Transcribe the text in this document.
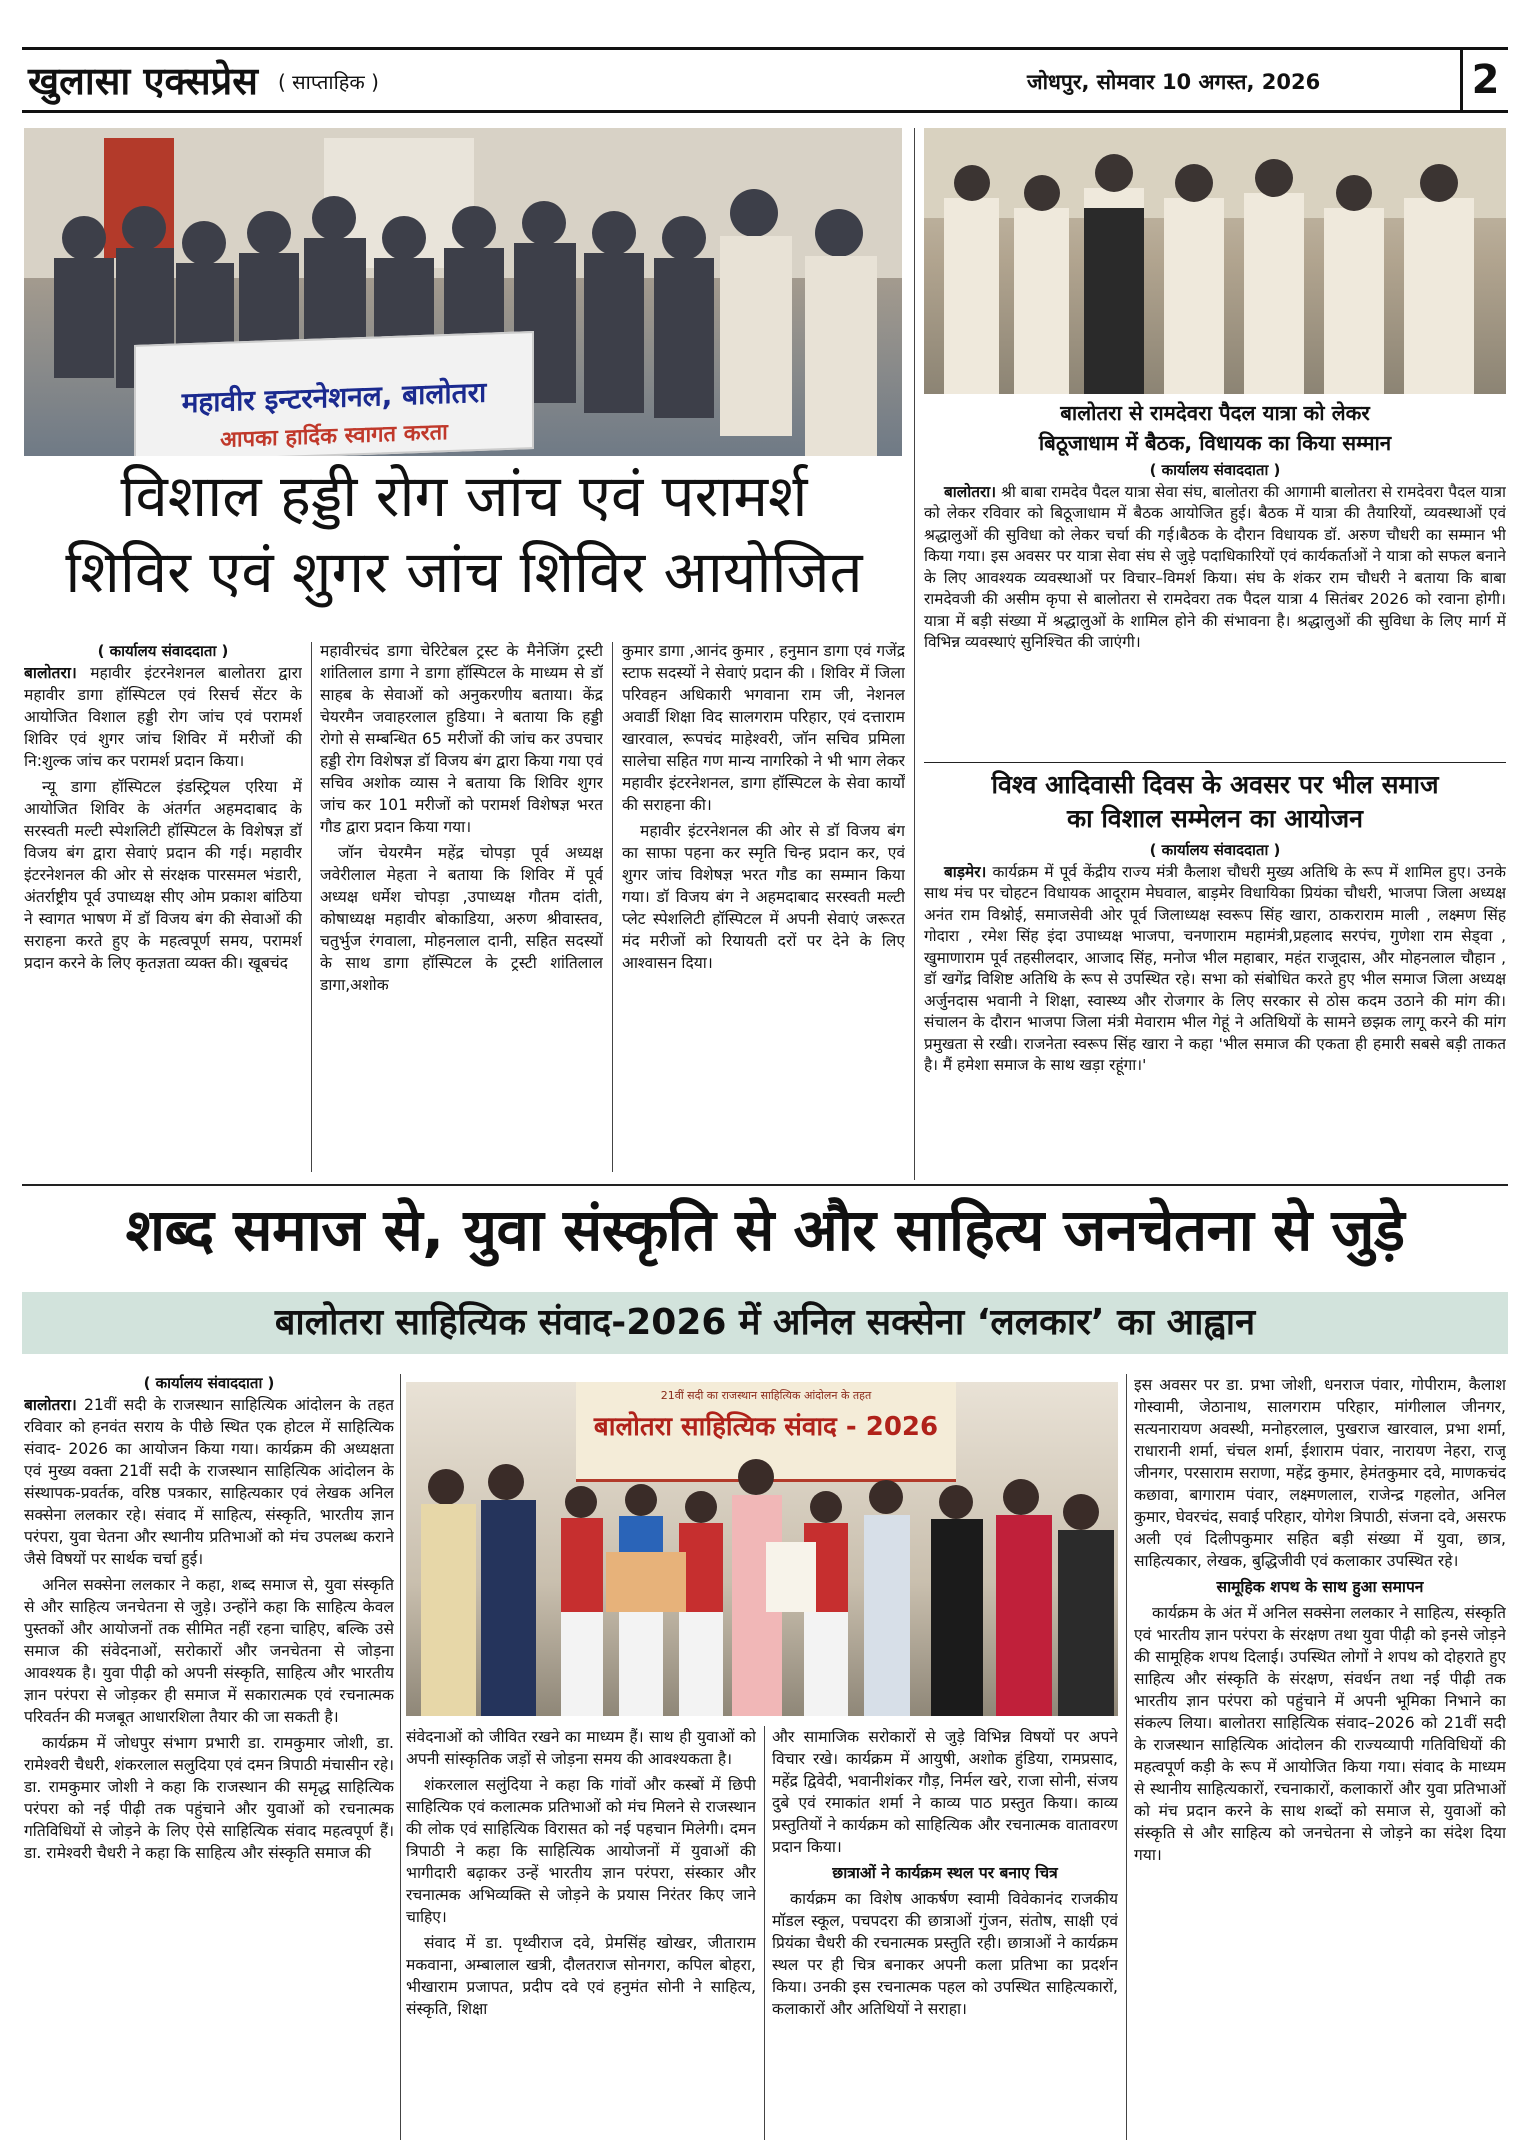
खुलासा एक्सप्रेस ( साप्ताहिक )	जोधपुर, सोमवार 10 अगस्त, 2026	2
महावीर इन्टरनेशनल, बालोतरा
आपका हार्दिक स्वागत करता
विशाल हड्डी रोग जांच एवं परामर्श
शिविर एवं शुगर जांच शिविर आयोजित
( कार्यालय संवाददाता )

बालोतरा। महावीर इंटरनेशनल बालोतरा द्वारा महावीर डागा हॉस्पिटल एवं रिसर्च सेंटर के आयोजित विशाल हड्डी रोग जांच एवं परामर्श शिविर एवं शुगर जांच शिविर में मरीजों की नि:शुल्क जांच कर परामर्श प्रदान किया।

न्यू डागा हॉस्पिटल इंडस्ट्रियल एरिया में आयोजित शिविर के अंतर्गत अहमदाबाद के सरस्वती मल्टी स्पेशलिटी हॉस्पिटल के विशेषज्ञ डॉ विजय बंग द्वारा सेवाएं प्रदान की गई। महावीर इंटरनेशनल की ओर से संरक्षक पारसमल भंडारी, अंतर्राष्ट्रीय पूर्व उपाध्यक्ष सीए ओम प्रकाश बांठिया ने स्वागत भाषण में डॉ विजय बंग की सेवाओं की सराहना करते हुए के महत्वपूर्ण समय, परामर्श प्रदान करने के लिए कृतज्ञता व्यक्त की। खूबचंद

महावीरचंद डागा चेरिटेबल ट्रस्ट के मैनेजिंग ट्रस्टी शांतिलाल डागा ने डागा हॉस्पिटल के माध्यम से डॉ साहब के सेवाओं को अनुकरणीय बताया। केंद्र चेयरमैन जवाहरलाल हुडिया। ने बताया कि हड्डी रोगो से सम्बन्धित 65 मरीजों की जांच कर उपचार हड्डी रोग विशेषज्ञ डॉ विजय बंग द्वारा किया गया एवं सचिव अशोक व्यास ने बताया कि शिविर शुगर जांच कर 101 मरीजों को परामर्श विशेषज्ञ भरत गौड द्वारा प्रदान किया गया।

जॉन चेयरमैन महेंद्र चोपड़ा पूर्व अध्यक्ष जवेरीलाल मेहता ने बताया कि शिविर में पूर्व अध्यक्ष धर्मेश चोपड़ा ,उपाध्यक्ष गौतम दांती, कोषाध्यक्ष महावीर बोकाडिया, अरुण श्रीवास्तव, चतुर्भुज रंगवाला, मोहनलाल दानी, सहित सदस्यों के साथ डागा हॉस्पिटल के ट्रस्टी शांतिलाल डागा,अशोक

कुमार डागा ,आनंद कुमार , हनुमान डागा एवं गजेंद्र स्टाफ सदस्यों ने सेवाएं प्रदान की । शिविर में जिला परिवहन अधिकारी भगवाना राम जी, नेशनल अवार्डी शिक्षा विद सालगराम परिहार, एवं दत्ताराम खारवाल, रूपचंद माहेश्वरी, जॉन सचिव प्रमिला सालेचा सहित गण मान्य नागरिको ने भी भाग लेकर महावीर इंटरनेशनल, डागा हॉस्पिटल के सेवा कार्यों की सराहना की।

महावीर इंटरनेशनल की ओर से डॉ विजय बंग का साफा पहना कर स्मृति चिन्ह प्रदान कर, एवं शुगर जांच विशेषज्ञ भरत गौड का सम्मान किया गया। डॉ विजय बंग ने अहमदाबाद सरस्वती मल्टी प्लेट स्पेशलिटी हॉस्पिटल में अपनी सेवाएं जरूरत मंद मरीजों को रियायती दरों पर देने के लिए आश्वासन दिया।

बालोतरा से रामदेवरा पैदल यात्रा को लेकर
बिठूजाधाम में बैठक, विधायक का किया सम्मान
( कार्यालय संवाददाता )

बालोतरा। श्री बाबा रामदेव पैदल यात्रा सेवा संघ, बालोतरा की आगामी बालोतरा से रामदेवरा पैदल यात्रा को लेकर रविवार को बिठूजाधाम में बैठक आयोजित हुई। बैठक में यात्रा की तैयारियों, व्यवस्थाओं एवं श्रद्धालुओं की सुविधा को लेकर चर्चा की गई।बैठक के दौरान विधायक डॉ. अरुण चौधरी का सम्मान भी किया गया। इस अवसर पर यात्रा सेवा संघ से जुड़े पदाधिकारियों एवं कार्यकर्ताओं ने यात्रा को सफल बनाने के लिए आवश्यक व्यवस्थाओं पर विचार–विमर्श किया। संघ के शंकर राम चौधरी ने बताया कि बाबा रामदेवजी की असीम कृपा से बालोतरा से रामदेवरा तक पैदल यात्रा 4 सितंबर 2026 को रवाना होगी। यात्रा में बड़ी संख्या में श्रद्धालुओं के शामिल होने की संभावना है। श्रद्धालुओं की सुविधा के लिए मार्ग में विभिन्न व्यवस्थाएं सुनिश्चित की जाएंगी।

विश्व आदिवासी दिवस के अवसर पर भील समाज
का विशाल सम्मेलन का आयोजन
( कार्यालय संवाददाता )

बाड़मेर। कार्यक्रम में पूर्व केंद्रीय राज्य मंत्री कैलाश चौधरी मुख्य अतिथि के रूप में शामिल हुए। उनके साथ मंच पर चोहटन विधायक आदूराम मेघवाल, बाड़मेर विधायिका प्रियंका चौधरी, भाजपा जिला अध्यक्ष अनंत राम विश्नोई, समाजसेवी ओर पूर्व जिलाध्यक्ष स्वरूप सिंह खारा, ठाकराराम माली , लक्ष्मण सिंह गोदारा , रमेश सिंह इंदा उपाध्यक्ष भाजपा, चनणाराम महामंत्री,प्रहलाद सरपंच, गुणेशा राम सेड्वा , खुमाणाराम पूर्व तहसीलदार, आजाद सिंह, मनोज भील महाबार, महंत राजूदास, और मोहनलाल चौहान , डॉ खगेंद्र विशिष्ट अतिथि के रूप से उपस्थित रहे। सभा को संबोधित करते हुए भील समाज जिला अध्यक्ष अर्जुनदास भवानी ने शिक्षा, स्वास्थ्य और रोजगार के लिए सरकार से ठोस कदम उठाने की मांग की। संचालन के दौरान भाजपा जिला मंत्री मेवाराम भील गेहूं ने अतिथियों के सामने छझक लागू करने की मांग प्रमुखता से रखी। राजनेता स्वरूप सिंह खारा ने कहा 'भील समाज की एकता ही हमारी सबसे बड़ी ताकत है। मैं हमेशा समाज के साथ खड़ा रहूंगा।'

शब्द समाज से, युवा संस्कृति से और साहित्य जनचेतना से जुड़े
बालोतरा साहित्यिक संवाद-2026 में अनिल सक्सेना ‘ललकार’ का आह्वान
( कार्यालय संवाददाता )

बालोतरा। 21वीं सदी के राजस्थान साहित्यिक आंदोलन के तहत रविवार को हनवंत सराय के पीछे स्थित एक होटल में साहित्यिक संवाद- 2026 का आयोजन किया गया। कार्यक्रम की अध्यक्षता एवं मुख्य वक्ता 21वीं सदी के राजस्थान साहित्यिक आंदोलन के संस्थापक-प्रवर्तक, वरिष्ठ पत्रकार, साहित्यकार एवं लेखक अनिल सक्सेना ललकार रहे। संवाद में साहित्य, संस्कृति, भारतीय ज्ञान परंपरा, युवा चेतना और स्थानीय प्रतिभाओं को मंच उपलब्ध कराने जैसे विषयों पर सार्थक चर्चा हुई।

अनिल सक्सेना ललकार ने कहा, शब्द समाज से, युवा संस्कृति से और साहित्य जनचेतना से जुड़े। उन्होंने कहा कि साहित्य केवल पुस्तकों और आयोजनों तक सीमित नहीं रहना चाहिए, बल्कि उसे समाज की संवेदनाओं, सरोकारों और जनचेतना से जोड़ना आवश्यक है। युवा पीढ़ी को अपनी संस्कृति, साहित्य और भारतीय ज्ञान परंपरा से जोड़कर ही समाज में सकारात्मक एवं रचनात्मक परिवर्तन की मजबूत आधारशिला तैयार की जा सकती है।

कार्यक्रम में जोधपुर संभाग प्रभारी डा. रामकुमार जोशी, डा. रामेश्वरी चैधरी, शंकरलाल सलुदिया एवं दमन त्रिपाठी मंचासीन रहे। डा. रामकुमार जोशी ने कहा कि राजस्थान की समृद्ध साहित्यिक परंपरा को नई पीढ़ी तक पहुंचाने और युवाओं को रचनात्मक गतिविधियों से जोड़ने के लिए ऐसे साहित्यिक संवाद महत्वपूर्ण हैं। डा. रामेश्वरी चैधरी ने कहा कि साहित्य और संस्कृति समाज की

21वीं सदी का राजस्थान साहित्यिक आंदोलन के तहत
बालोतरा साहित्यिक संवाद - 2026

संवेदनाओं को जीवित रखने का माध्यम हैं। साथ ही युवाओं को अपनी सांस्कृतिक जड़ों से जोड़ना समय की आवश्यकता है।

शंकरलाल सलुंदिया ने कहा कि गांवों और कस्बों में छिपी साहित्यिक एवं कलात्मक प्रतिभाओं को मंच मिलने से राजस्थान की लोक एवं साहित्यिक विरासत को नई पहचान मिलेगी। दमन त्रिपाठी ने कहा कि साहित्यिक आयोजनों में युवाओं की भागीदारी बढ़ाकर उन्हें भारतीय ज्ञान परंपरा, संस्कार और रचनात्मक अभिव्यक्ति से जोड़ने के प्रयास निरंतर किए जाने चाहिए।

संवाद में डा. पृथ्वीराज दवे, प्रेमसिंह खोखर, जीताराम मकवाना, अम्बालाल खत्री, दौलतराज सोनगरा, कपिल बोहरा, भीखाराम प्रजापत, प्रदीप दवे एवं हनुमंत सोनी ने साहित्य, संस्कृति, शिक्षा

और सामाजिक सरोकारों से जुड़े विभिन्न विषयों पर अपने विचार रखे। कार्यक्रम में आयुषी, अशोक हुंडिया, रामप्रसाद, महेंद्र द्विवेदी, भवानीशंकर गौड़, निर्मल खरे, राजा सोनी, संजय दुबे एवं रमाकांत शर्मा ने काव्य पाठ प्रस्तुत किया। काव्य प्रस्तुतियों ने कार्यक्रम को साहित्यिक और रचनात्मक वातावरण प्रदान किया।

छात्राओं ने कार्यक्रम स्थल पर बनाए चित्र

कार्यक्रम का विशेष आकर्षण स्वामी विवेकानंद राजकीय मॉडल स्कूल, पचपदरा की छात्राओं गुंजन, संतोष, साक्षी एवं प्रियंका चैधरी की रचनात्मक प्रस्तुति रही। छात्राओं ने कार्यक्रम स्थल पर ही चित्र बनाकर अपनी कला प्रतिभा का प्रदर्शन किया। उनकी इस रचनात्मक पहल को उपस्थित साहित्यकारों, कलाकारों और अतिथियों ने सराहा।

इस अवसर पर डा. प्रभा जोशी, धनराज पंवार, गोपीराम, कैलाश गोस्वामी, जेठानाथ, सालगराम परिहार, मांगीलाल जीनगर, सत्यनारायण अवस्थी, मनोहरलाल, पुखराज खारवाल, प्रभा शर्मा, राधारानी शर्मा, चंचल शर्मा, ईशाराम पंवार, नारायण नेहरा, राजू जीनगर, परसाराम सराणा, महेंद्र कुमार, हेमंतकुमार दवे, माणकचंद कछावा, बागाराम पंवार, लक्ष्मणलाल, राजेन्द्र गहलोत, अनिल कुमार, घेवरचंद, सवाई परिहार, योगेश त्रिपाठी, संजना दवे, असरफ अली एवं दिलीपकुमार सहित बड़ी संख्या में युवा, छात्र, साहित्यकार, लेखक, बुद्धिजीवी एवं कलाकार उपस्थित रहे।

सामूहिक शपथ के साथ हुआ समापन

कार्यक्रम के अंत में अनिल सक्सेना ललकार ने साहित्य, संस्कृति एवं भारतीय ज्ञान परंपरा के संरक्षण तथा युवा पीढ़ी को इनसे जोड़ने की सामूहिक शपथ दिलाई। उपस्थित लोगों ने शपथ को दोहराते हुए साहित्य और संस्कृति के संरक्षण, संवर्धन तथा नई पीढ़ी तक भारतीय ज्ञान परंपरा को पहुंचाने में अपनी भूमिका निभाने का संकल्प लिया। बालोतरा साहित्यिक संवाद–2026 को 21वीं सदी के राजस्थान साहित्यिक आंदोलन की राज्यव्यापी गतिविधियों की महत्वपूर्ण कड़ी के रूप में आयोजित किया गया। संवाद के माध्यम से स्थानीय साहित्यकारों, रचनाकारों, कलाकारों और युवा प्रतिभाओं को मंच प्रदान करने के साथ शब्दों को समाज से, युवाओं को संस्कृति से और साहित्य को जनचेतना से जोड़ने का संदेश दिया गया।
